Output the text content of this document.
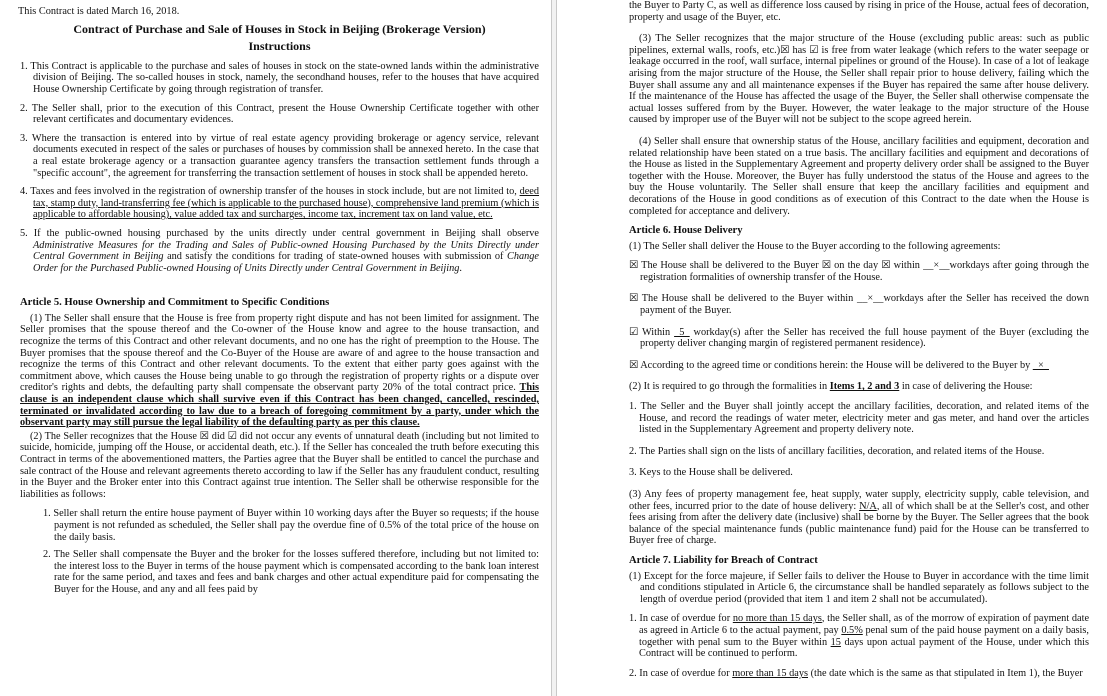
This Contract is dated March 16, 2018.

Contract of Purchase and Sale of Houses in Stock in Beijing (Brokerage Version)

Instructions

1. This Contract is applicable to the purchase and sales of houses in stock on the state-owned lands within the administrative division of Beijing. The so-called houses in stock, namely, the secondhand houses, refer to the houses that have acquired House Ownership Certificate by going through registration of transfer.

2. The Seller shall, prior to the execution of this Contract, present the House Ownership Certificate together with other relevant certificates and documentary evidences.

3. Where the transaction is entered into by virtue of real estate agency providing brokerage or agency service, relevant documents executed in respect of the sales or purchases of houses by commission shall be annexed hereto. In the case that a real estate brokerage agency or a transaction guarantee agency transfers the transaction settlement funds through a "specific account", the agreement for transferring the transaction settlement of houses in stock shall be appended hereto.

4. Taxes and fees involved in the registration of ownership transfer of the houses in stock include, but are not limited to, deed tax, stamp duty, land-transferring fee (which is applicable to the purchased house), comprehensive land premium (which is applicable to affordable housing), value added tax and surcharges, income tax, increment tax on land value, etc.

5. If the public-owned housing purchased by the units directly under central government in Beijing shall observe Administrative Measures for the Trading and Sales of Public-owned Housing Purchased by the Units Directly under Central Government in Beijing and satisfy the conditions for trading of state-owned houses with submission of Change Order for the Purchased Public-owned Housing of Units Directly under Central Government in Beijing.

Article 5. House Ownership and Commitment to Specific Conditions

(1) The Seller shall ensure that the House is free from property right dispute and has not been limited for assignment. The Seller promises that the spouse thereof and the Co-owner of the House know and agree to the house transaction, and recognize the terms of this Contract and other relevant documents, and no one has the right of preemption to the House. The Buyer promises that the spouse thereof and the Co-Buyer of the House are aware of and agree to the house transaction and recognize the terms of this Contract and other relevant documents. To the extent that either party goes against with the commitment above, which causes the House being unable to go through the registration of property rights or a dispute over creditor's rights and debts, the defaulting party shall compensate the observant party 20% of the total contract price. This clause is an independent clause which shall survive even if this Contract has been changed, cancelled, rescinded, terminated or invalidated according to law due to a breach of foregoing commitment by a party, under which the observant party may still pursue the legal liability of the defaulting party as per this clause.

(2) The Seller recognizes that the House ☒ did ☑ did not occur any events of unnatural death (including but not limited to suicide, homicide, jumping off the House, or accidental death, etc.). If the Seller has concealed the truth before executing this Contract in terms of the abovementioned matters, the Parties agree that the Buyer shall be entitled to cancel the purchase and sale contract of the House and relevant agreements thereto according to law if the Seller has any fraudulent conduct, resulting in the Buyer and the Broker enter into this Contract against true intention. The Seller shall be otherwise responsible for the liabilities as follows:

1. Seller shall return the entire house payment of Buyer within 10 working days after the Buyer so requests; if the house payment is not refunded as scheduled, the Seller shall pay the overdue fine of 0.5% of the total price of the house on the daily basis.

2. The Seller shall compensate the Buyer and the broker for the losses suffered therefore, including but not limited to: the interest loss to the Buyer in terms of the house payment which is compensated according to the bank loan interest rate for the same period, and taxes and fees and bank charges and other actual expenditure paid for compensating the Buyer for the House, and any and all fees paid by

the Buyer to Party C, as well as difference loss caused by rising in price of the House, actual fees of decoration, property and usage of the Buyer, etc.

(3) The Seller recognizes that the major structure of the House (excluding public areas: such as public pipelines, external walls, roofs, etc.)☒ has ☑ is free from water leakage (which refers to the water seepage or leakage occurred in the roof, wall surface, internal pipelines or ground of the House). In case of a lot of leakage arising from the major structure of the House, the Seller shall repair prior to house delivery, failing which the Buyer shall assume any and all maintenance expenses if the Buyer has repaired the same after house delivery. If the maintenance of the House has affected the usage of the Buyer, the Seller shall otherwise compensate the actual losses suffered from by the Buyer. However, the water leakage to the major structure of the House caused by improper use of the Buyer will not be subject to the scope agreed herein.

(4) Seller shall ensure that ownership status of the House, ancillary facilities and equipment, decoration and related relationship have been stated on a true basis. The ancillary facilities and equipment and decorations of the House as listed in the Supplementary Agreement and property delivery order shall be assigned to the Buyer together with the House. Moreover, the Buyer has fully understood the status of the House and agrees to the buy the House voluntarily. The Seller shall ensure that keep the ancillary facilities and equipment and decorations of the House in good conditions as of execution of this Contract to the date when the House is completed for acceptance and delivery.

Article 6. House Delivery

(1) The Seller shall deliver the House to the Buyer according to the following agreements:

☒ The House shall be delivered to the Buyer ☒ on the day ☒ within __×__workdays after going through the registration formalities of ownership transfer of the House.

☒ The House shall be delivered to the Buyer within __×__workdays after the Seller has received the down payment of the Buyer.

☑ Within _5_ workday(s) after the Seller has received the full house payment of the Buyer (excluding the property deliver changing margin of registered permanent residence).

☒ According to the agreed time or conditions herein: the House will be delivered to the Buyer by _×_

(2) It is required to go through the formalities in Items 1, 2 and 3 in case of delivering the House:

1. The Seller and the Buyer shall jointly accept the ancillary facilities, decoration, and related items of the House, and record the readings of water meter, electricity meter and gas meter, and hand over the articles listed in the Supplementary Agreement and property delivery note.

2. The Parties shall sign on the lists of ancillary facilities, decoration, and related items of the House.

3. Keys to the House shall be delivered.

(3) Any fees of property management fee, heat supply, water supply, electricity supply, cable television, and other fees, incurred prior to the date of house delivery: N/A, all of which shall be at the Seller's cost, and other fees arising from after the delivery date (inclusive) shall be borne by the Buyer. The Seller agrees that the book balance of the special maintenance funds (public maintenance fund) paid for the House can be transferred to Buyer free of charge.

Article 7. Liability for Breach of Contract

(1) Except for the force majeure, if Seller fails to deliver the House to Buyer in accordance with the time limit and conditions stipulated in Article 6, the circumstance shall be handled separately as follows subject to the length of overdue period (provided that item 1 and item 2 shall not be accumulated).

1. In case of overdue for no more than 15 days, the Seller shall, as of the morrow of expiration of payment date as agreed in Article 6 to the actual payment, pay 0.5% penal sum of the paid house payment on a daily basis, together with penal sum to the Buyer within 15 days upon actual payment of the House, under which this Contract will be continued to perform.

2. In case of overdue for more than 15 days (the date which is the same as that stipulated in Item 1), the Buyer
